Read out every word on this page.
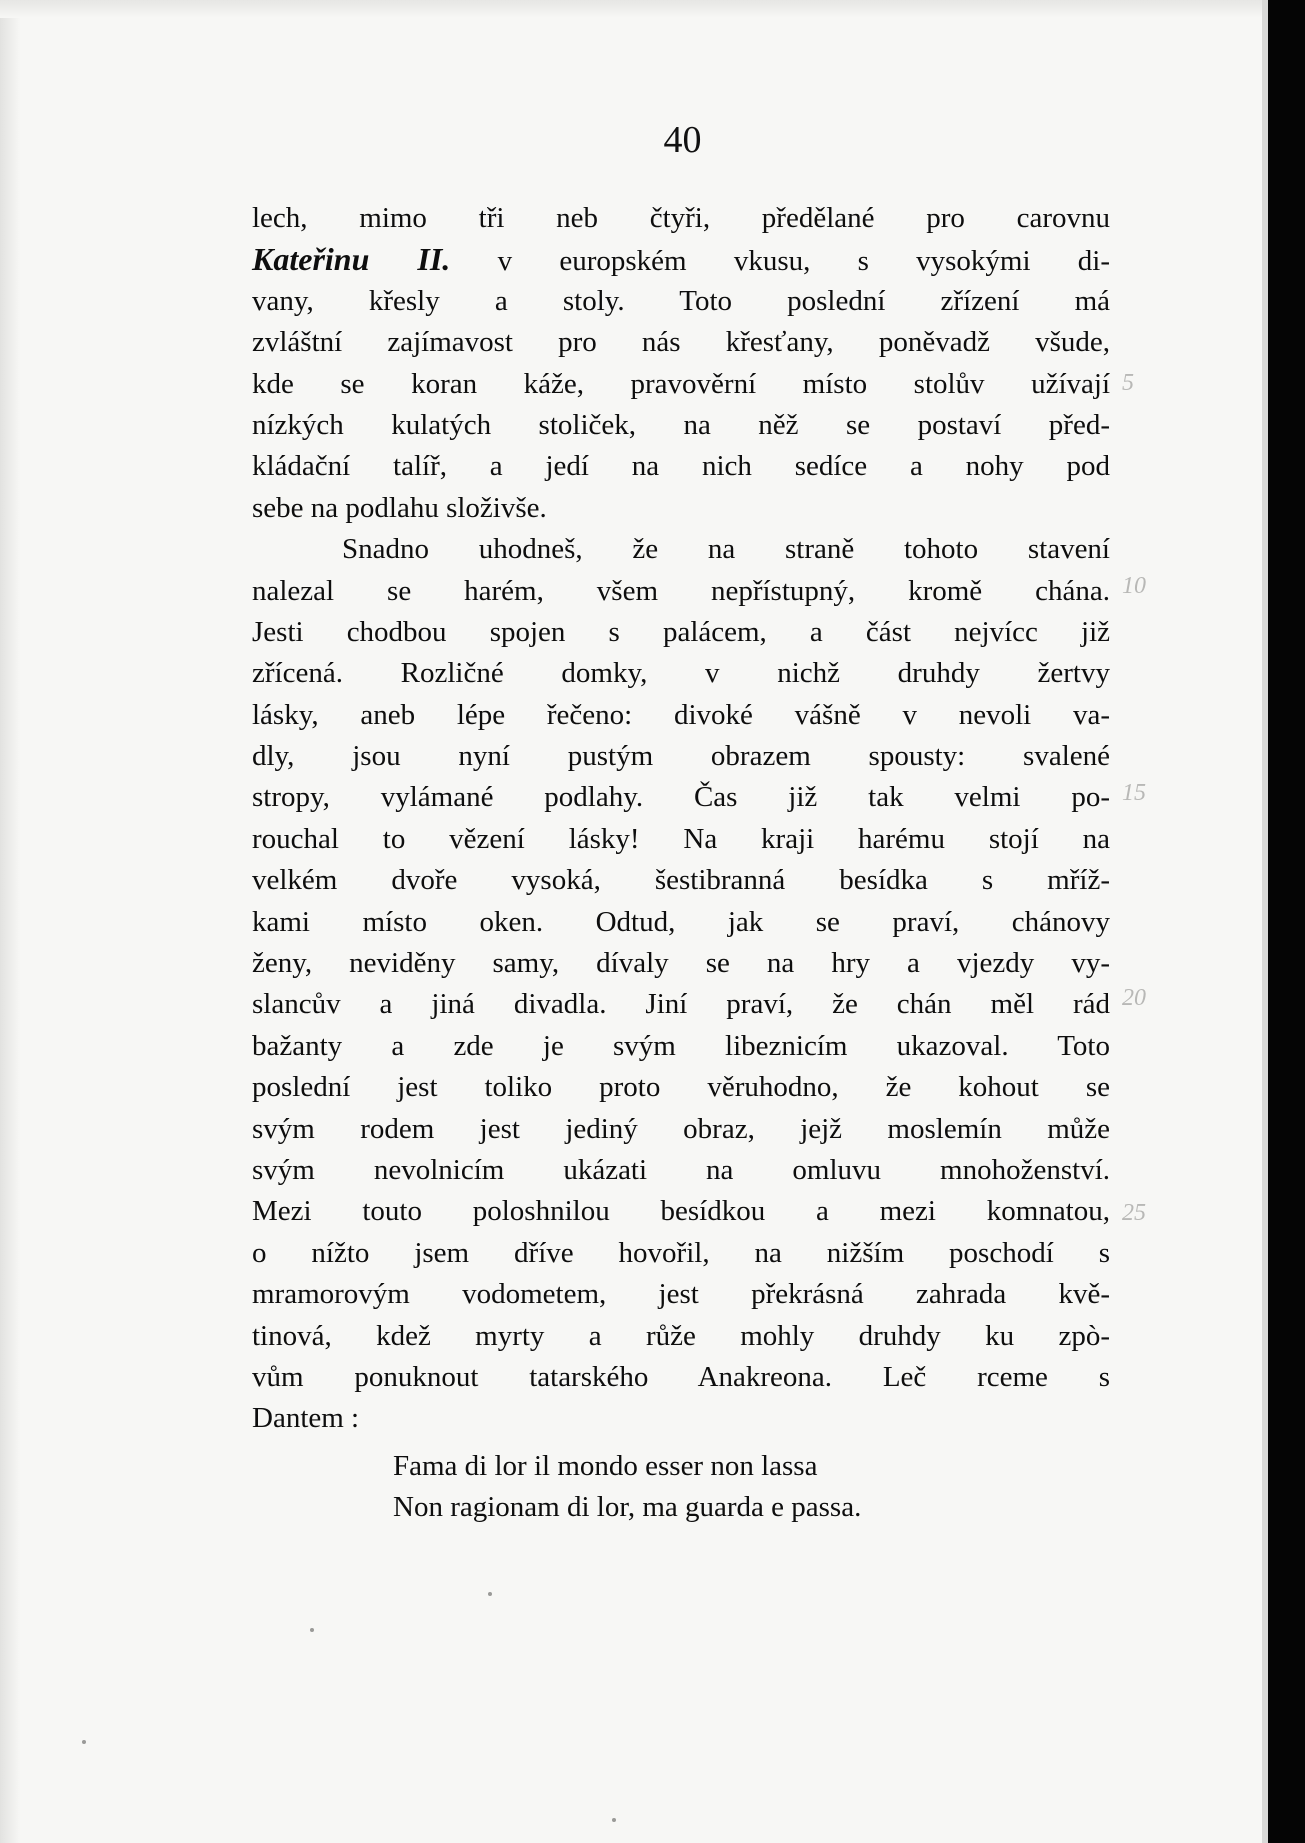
40
lech, mimo tři neb čtyři, předělané pro carovnu
Kateřinu II. v europském vkusu, s vysokými di-
vany, křesly a stoly. Toto poslední zřízení má
zvláštní zajímavost pro nás křesťany, poněvadž všude,
kde se koran káže, pravověrní místo stolův užívají
nízkých kulatých stoliček, na něž se postaví před-
kládační talíř, a jedí na nich sedíce a nohy pod
sebe na podlahu složivše.
Snadno uhodneš, že na straně tohoto stavení
nalezal se harém, všem nepřístupný, kromě chána.
Jesti chodbou spojen s palácem, a část nejvícc již
zřícená. Rozličné domky, v nichž druhdy žertvy
lásky, aneb lépe řečeno: divoké vášně v nevoli va-
dly, jsou nyní pustým obrazem spousty: svalené
stropy, vylámané podlahy. Čas již tak velmi po-
rouchal to vězení lásky! Na kraji harému stojí na
velkém dvoře vysoká, šestibranná besídka s mříž-
kami místo oken. Odtud, jak se praví, chánovy
ženy, neviděny samy, dívaly se na hry a vjezdy vy-
slancův a jiná divadla. Jiní praví, že chán měl rád
bažanty a zde je svým libeznicím ukazoval. Toto
poslední jest toliko proto věruhodno, že kohout se
svým rodem jest jediný obraz, jejž moslemín může
svým nevolnicím ukázati na omluvu mnohoženství.
Mezi touto poloshnilou besídkou a mezi komnatou,
o nížto jsem dříve hovořil, na nižším poschodí s
mramorovým vodometem, jest překrásná zahrada kvě-
tinová, kdež myrty a růže mohly druhdy ku zpò-
vům ponuknout tatarského Anakreona. Leč rceme s
Dantem :
Fama di lor il mondo esser non lassa
Non ragionam di lor, ma guarda e passa.
5
10
15
20
25
